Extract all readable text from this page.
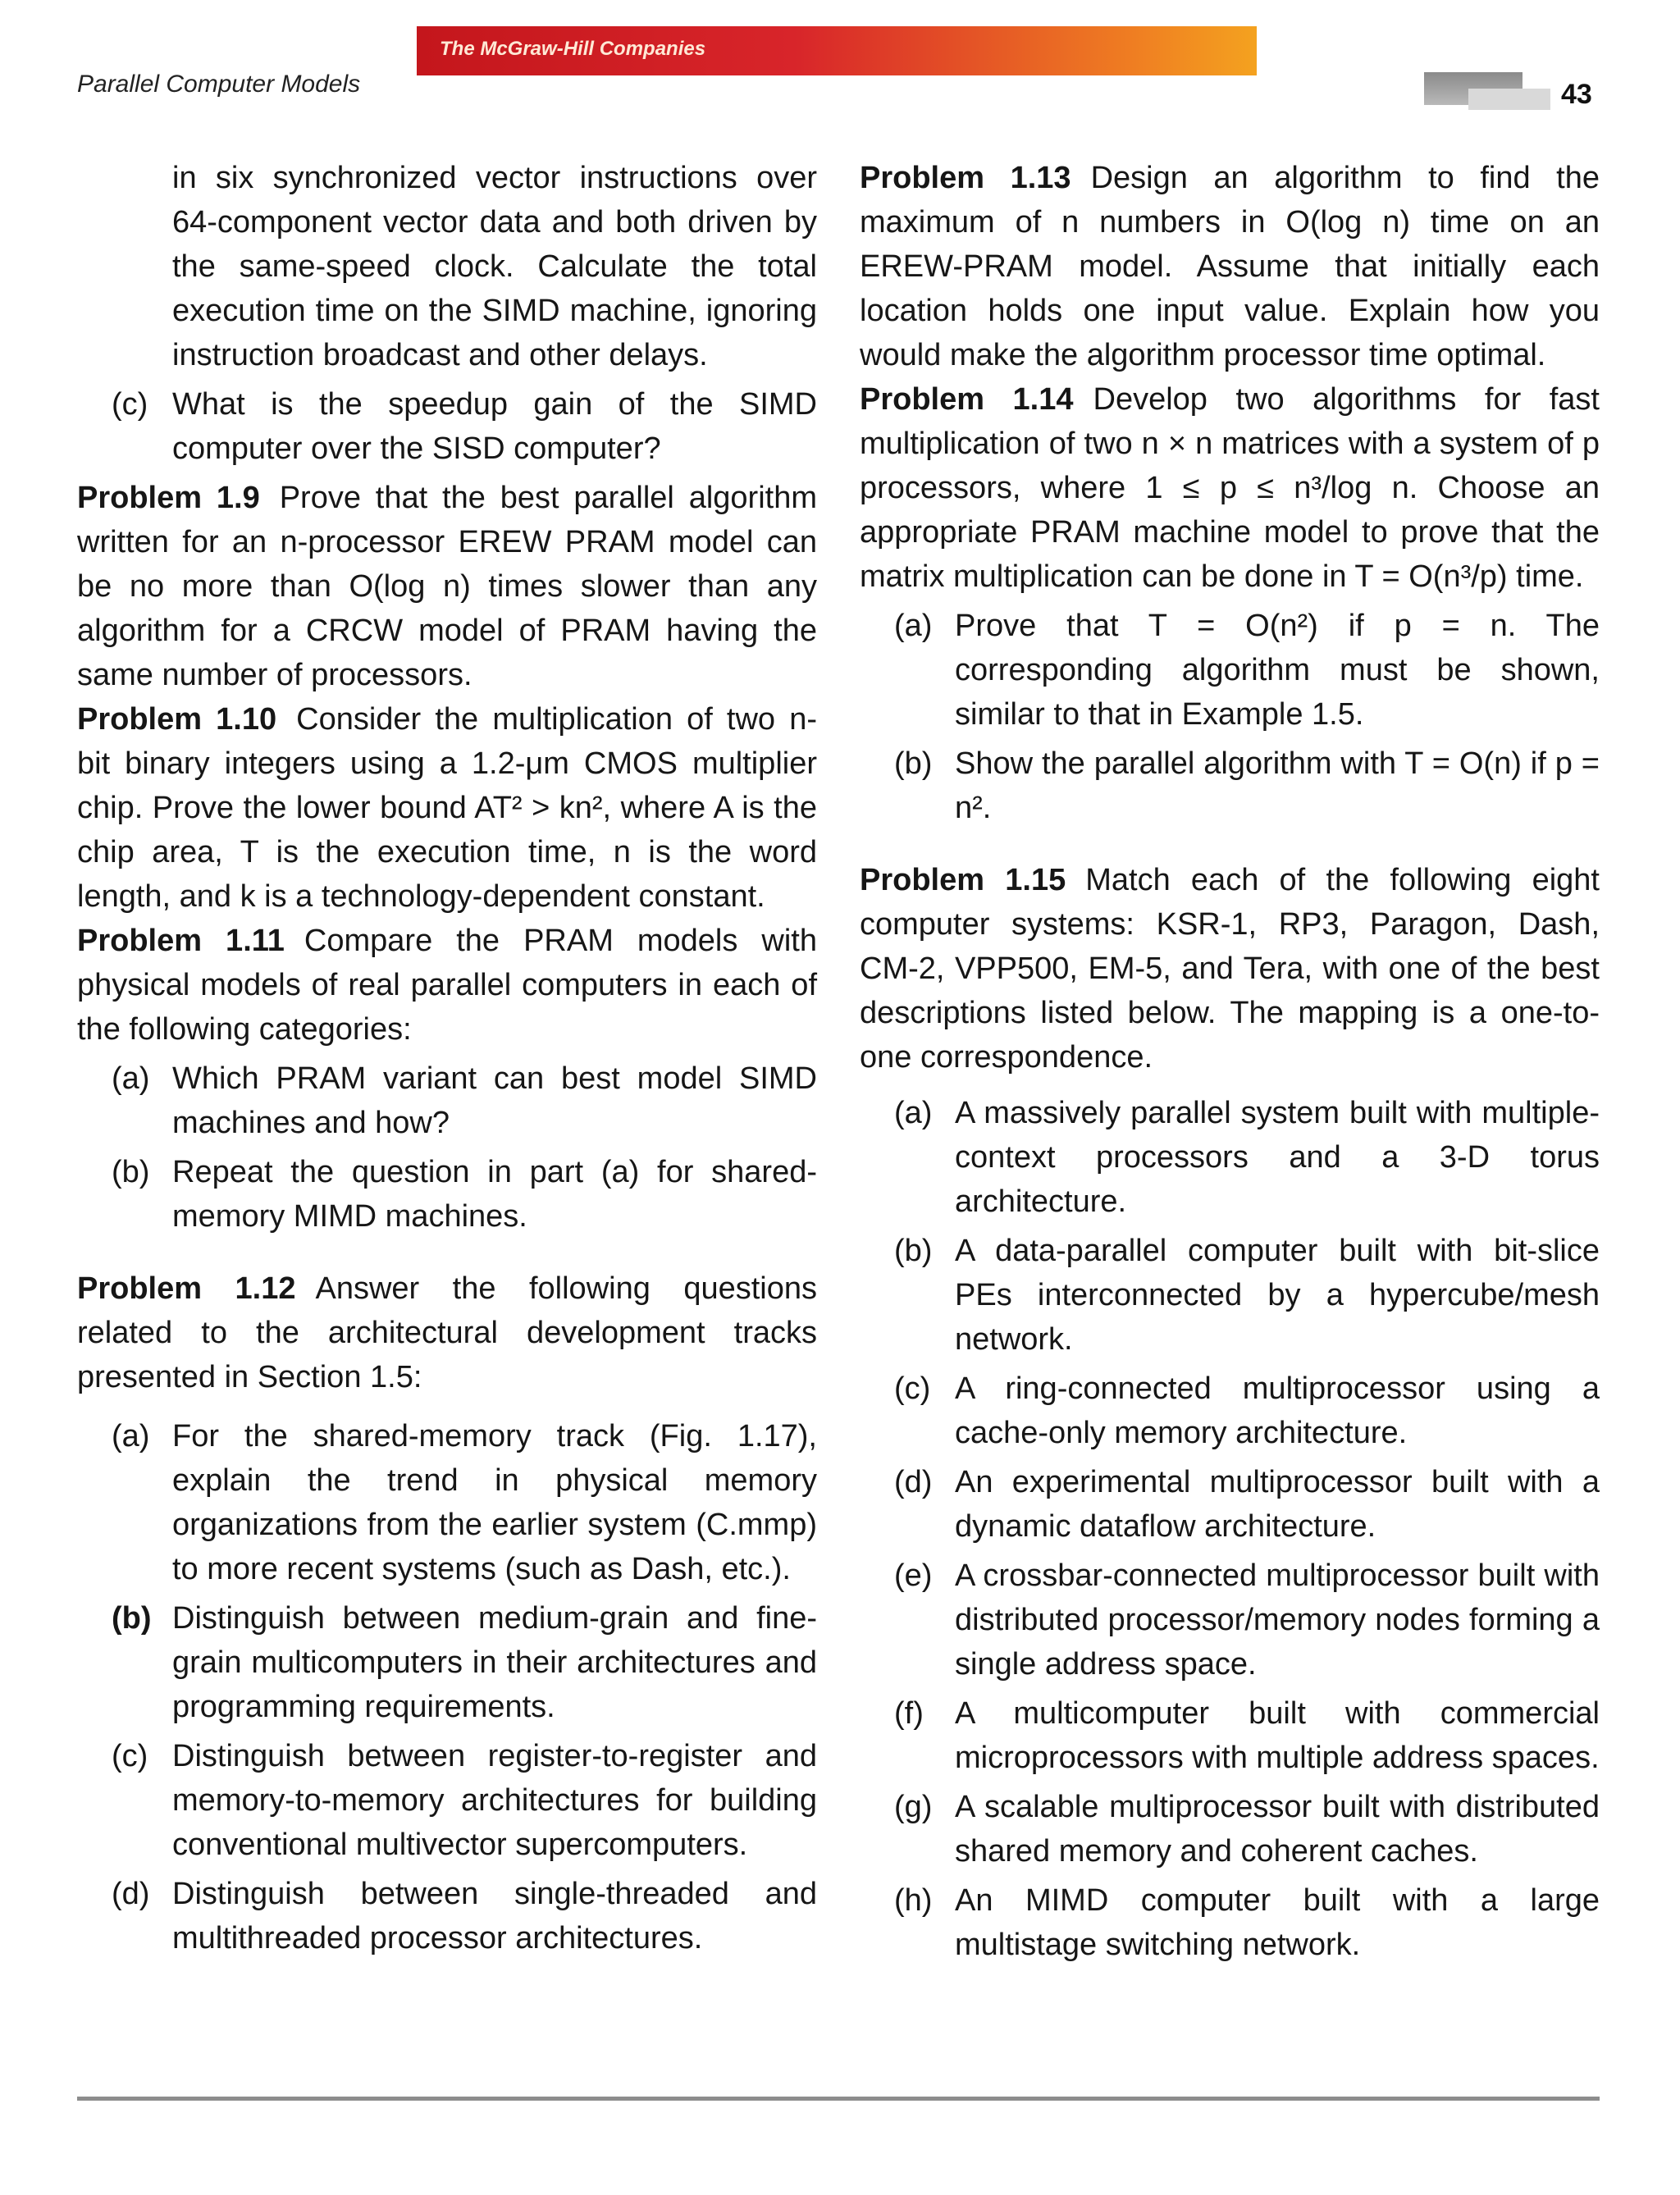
Parallel Computer Models
The McGraw-Hill Companies
43

in six synchronized vector instructions over 64-component vector data and both driven by the same-speed clock. Calculate the total execution time on the SIMD machine, ignoring instruction broadcast and other delays.

(c) What is the speedup gain of the SIMD computer over the SISD computer?

Problem 1.9 Prove that the best parallel algorithm written for an n-processor EREW PRAM model can be no more than O(log n) times slower than any algorithm for a CRCW model of PRAM having the same number of processors.

Problem 1.10 Consider the multiplication of two n-bit binary integers using a 1.2-μm CMOS multiplier chip. Prove the lower bound AT² > kn², where A is the chip area, T is the execution time, n is the word length, and k is a technology-dependent constant.

Problem 1.11 Compare the PRAM models with physical models of real parallel computers in each of the following categories:

(a) Which PRAM variant can best model SIMD machines and how?
(b) Repeat the question in part (a) for shared-memory MIMD machines.

Problem 1.12 Answer the following questions related to the architectural development tracks presented in Section 1.5:

(a) For the shared-memory track (Fig. 1.17), explain the trend in physical memory organizations from the earlier system (C.mmp) to more recent systems (such as Dash, etc.).
(b) Distinguish between medium-grain and fine-grain multicomputers in their architectures and programming requirements.
(c) Distinguish between register-to-register and memory-to-memory architectures for building conventional multivector supercomputers.
(d) Distinguish between single-threaded and multithreaded processor architectures.

Problem 1.13 Design an algorithm to find the maximum of n numbers in O(log n) time on an EREW-PRAM model. Assume that initially each location holds one input value. Explain how you would make the algorithm processor time optimal.

Problem 1.14 Develop two algorithms for fast multiplication of two n × n matrices with a system of p processors, where 1 ≤ p ≤ n³/log n. Choose an appropriate PRAM machine model to prove that the matrix multiplication can be done in T = O(n³/p) time.

(a) Prove that T = O(n²) if p = n. The corresponding algorithm must be shown, similar to that in Example 1.5.
(b) Show the parallel algorithm with T = O(n) if p = n².

Problem 1.15 Match each of the following eight computer systems: KSR-1, RP3, Paragon, Dash, CM-2, VPP500, EM-5, and Tera, with one of the best descriptions listed below. The mapping is a one-to-one correspondence.

(a) A massively parallel system built with multiple-context processors and a 3-D torus architecture.
(b) A data-parallel computer built with bit-slice PEs interconnected by a hypercube/mesh network.
(c) A ring-connected multiprocessor using a cache-only memory architecture.
(d) An experimental multiprocessor built with a dynamic dataflow architecture.
(e) A crossbar-connected multiprocessor built with distributed processor/memory nodes forming a single address space.
(f)	A multicomputer built with commercial microprocessors with multiple address spaces.
(g) A scalable multiprocessor built with distributed shared memory and coherent caches.
(h) An MIMD computer built with a large multistage switching network.
